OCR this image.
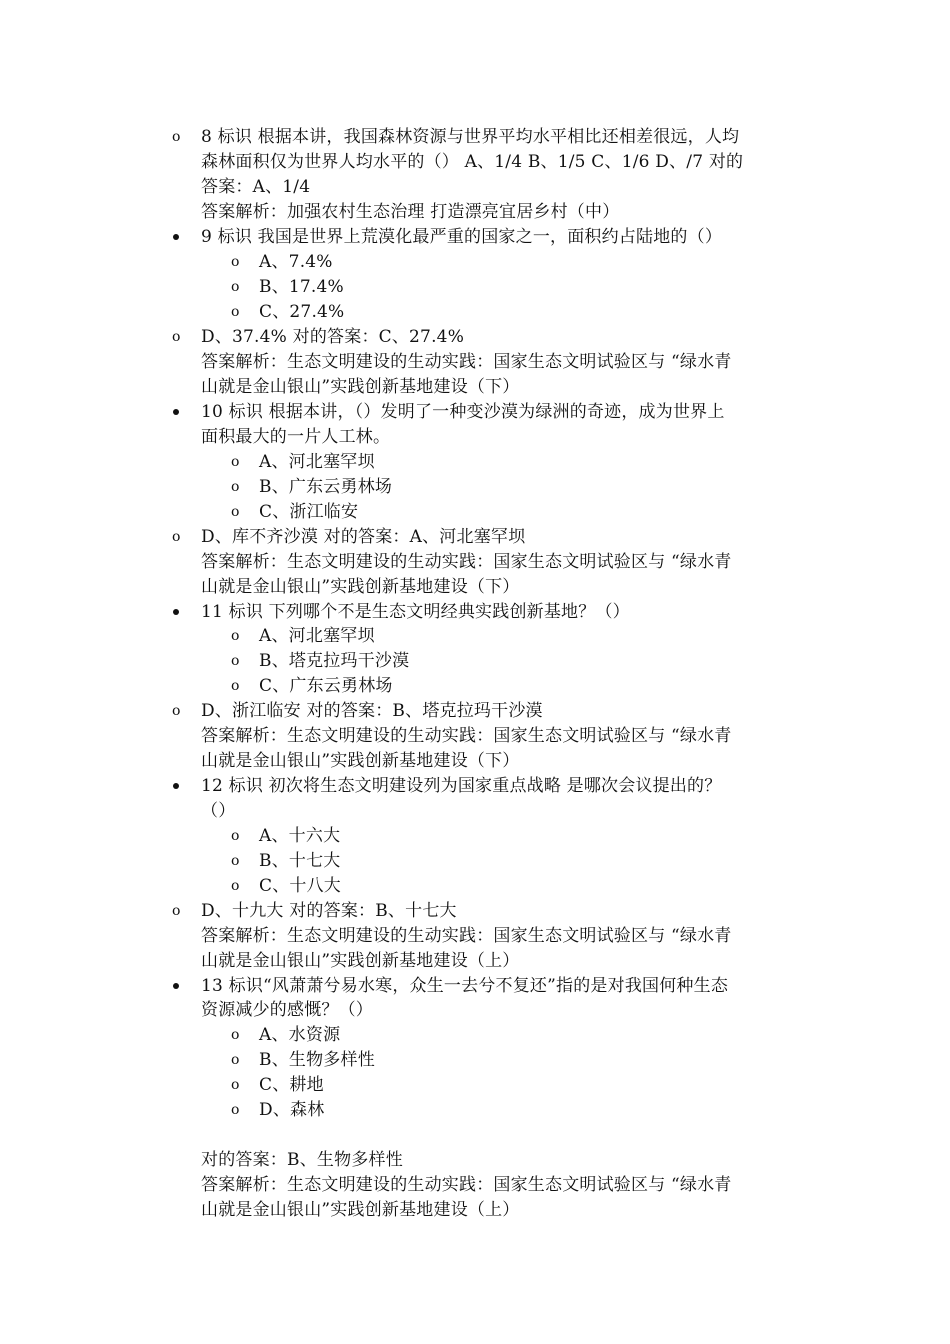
o 8 标识 根据本讲，我国森林资源与世界平均水平相比还相差很远，人均
森林面积仅为世界人均水平的（） A、1/4 B、1/5 C、1/6 D、/7 对的
答案：A、1/4
答案解析：加强农村生态治理 打造漂亮宜居乡村（中）
9 标识 我国是世界上荒漠化最严重的国家之一，面积约占陆地的（）
o A、7.4%
o B、17.4%
o C、27.4%
o D、37.4% 对的答案：C、27.4%
答案解析：生态文明建设的生动实践：国家生态文明试验区与 “绿水青
山就是金山银山”实践创新基地建设（下）
10 标识 根据本讲，（）发明了一种变沙漠为绿洲的奇迹，成为世界上
面积最大的一片人工林。
o A、河北塞罕坝
o B、广东云勇林场
o C、浙江临安
o D、库不齐沙漠 对的答案：A、河北塞罕坝
答案解析：生态文明建设的生动实践：国家生态文明试验区与 “绿水青
山就是金山银山”实践创新基地建设（下）
11 标识 下列哪个不是生态文明经典实践创新基地？（）
o A、河北塞罕坝
o B、塔克拉玛干沙漠
o C、广东云勇林场
o D、浙江临安 对的答案：B、塔克拉玛干沙漠
答案解析：生态文明建设的生动实践：国家生态文明试验区与 “绿水青
山就是金山银山”实践创新基地建设（下）
12 标识 初次将生态文明建设列为国家重点战略 是哪次会议提出的？
（）
o A、十六大
o B、十七大
o C、十八大
o D、十九大 对的答案：B、十七大
答案解析：生态文明建设的生动实践：国家生态文明试验区与 “绿水青
山就是金山银山”实践创新基地建设（上）
13 标识“风萧萧兮易水寒，众生一去兮不复还”指的是对我国何种生态
资源减少的感慨？（）
o A、水资源
o B、生物多样性
o C、耕地
o D、森林
对的答案：B、生物多样性
答案解析：生态文明建设的生动实践：国家生态文明试验区与 “绿水青
山就是金山银山”实践创新基地建设（上）
